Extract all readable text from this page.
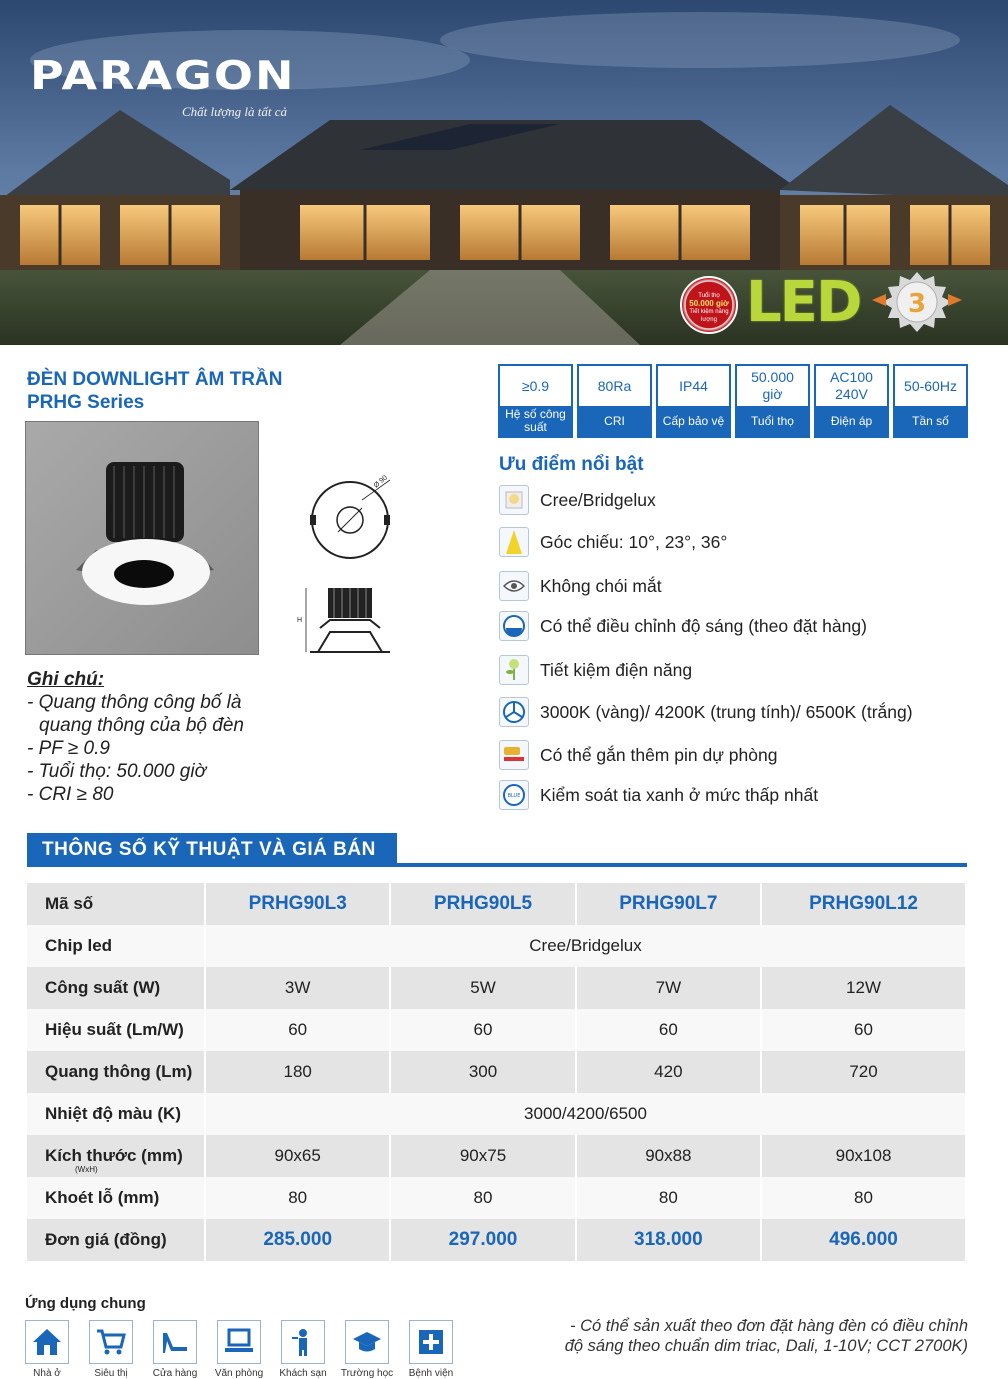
PARAGON
Chất lượng là tất cả
Tuổi thọ
50.000 giờ
Tiết kiệm năng lượng LED 3
ĐÈN DOWNLIGHT ÂM TRẦN
PRHG Series
Ø 90
H
≥0.9
Hệ số công suất
80Ra
CRI
IP44
Cấp bảo vệ
50.000 giờ
Tuổi thọ
AC100 240V
Điện áp
50-60Hz
Tần số
Ưu điểm nổi bật
Cree/Bridgelux
Góc chiếu: 10°, 23°, 36°
Không chói mắt
Có thể điều chỉnh độ sáng (theo đặt hàng)
Tiết kiệm điện năng
3000K (vàng)/ 4200K (trung tính)/ 6500K (trắng)
Có thể gắn thêm pin dự phòng
BLUE Kiểm soát tia xanh ở mức thấp nhất
Ghi chú:
- Quang thông công bố là
quang thông của bộ đèn
- PF ≥ 0.9
- Tuổi thọ: 50.000 giờ
- CRI ≥ 80
THÔNG SỐ KỸ THUẬT VÀ GIÁ BÁN
Mã số	PRHG90L3	PRHG90L5	PRHG90L7	PRHG90L12
Chip led	Cree/Bridgelux			
Công suất (W)	3W	5W	7W	12W
Hiệu suất (Lm/W)	60	60	60	60
Quang thông (Lm)	180	300	420	720
Nhiệt độ màu (K)	3000/4200/6500			
Kích thước (mm)
(WxH)	90x65	90x75	90x88	90x108
Khoét lỗ (mm)	80	80	80	80
Đơn giá (đồng)	285.000	297.000	318.000	496.000
Ứng dụng chung
Nhà ở	Siêu thị	Cửa hàng Văn phòng Khách sạn Trường học Bệnh viện
- Có thể sản xuất theo đơn đặt hàng đèn có điều chỉnh
độ sáng theo chuẩn dim triac, Dali, 1-10V; CCT 2700K)
